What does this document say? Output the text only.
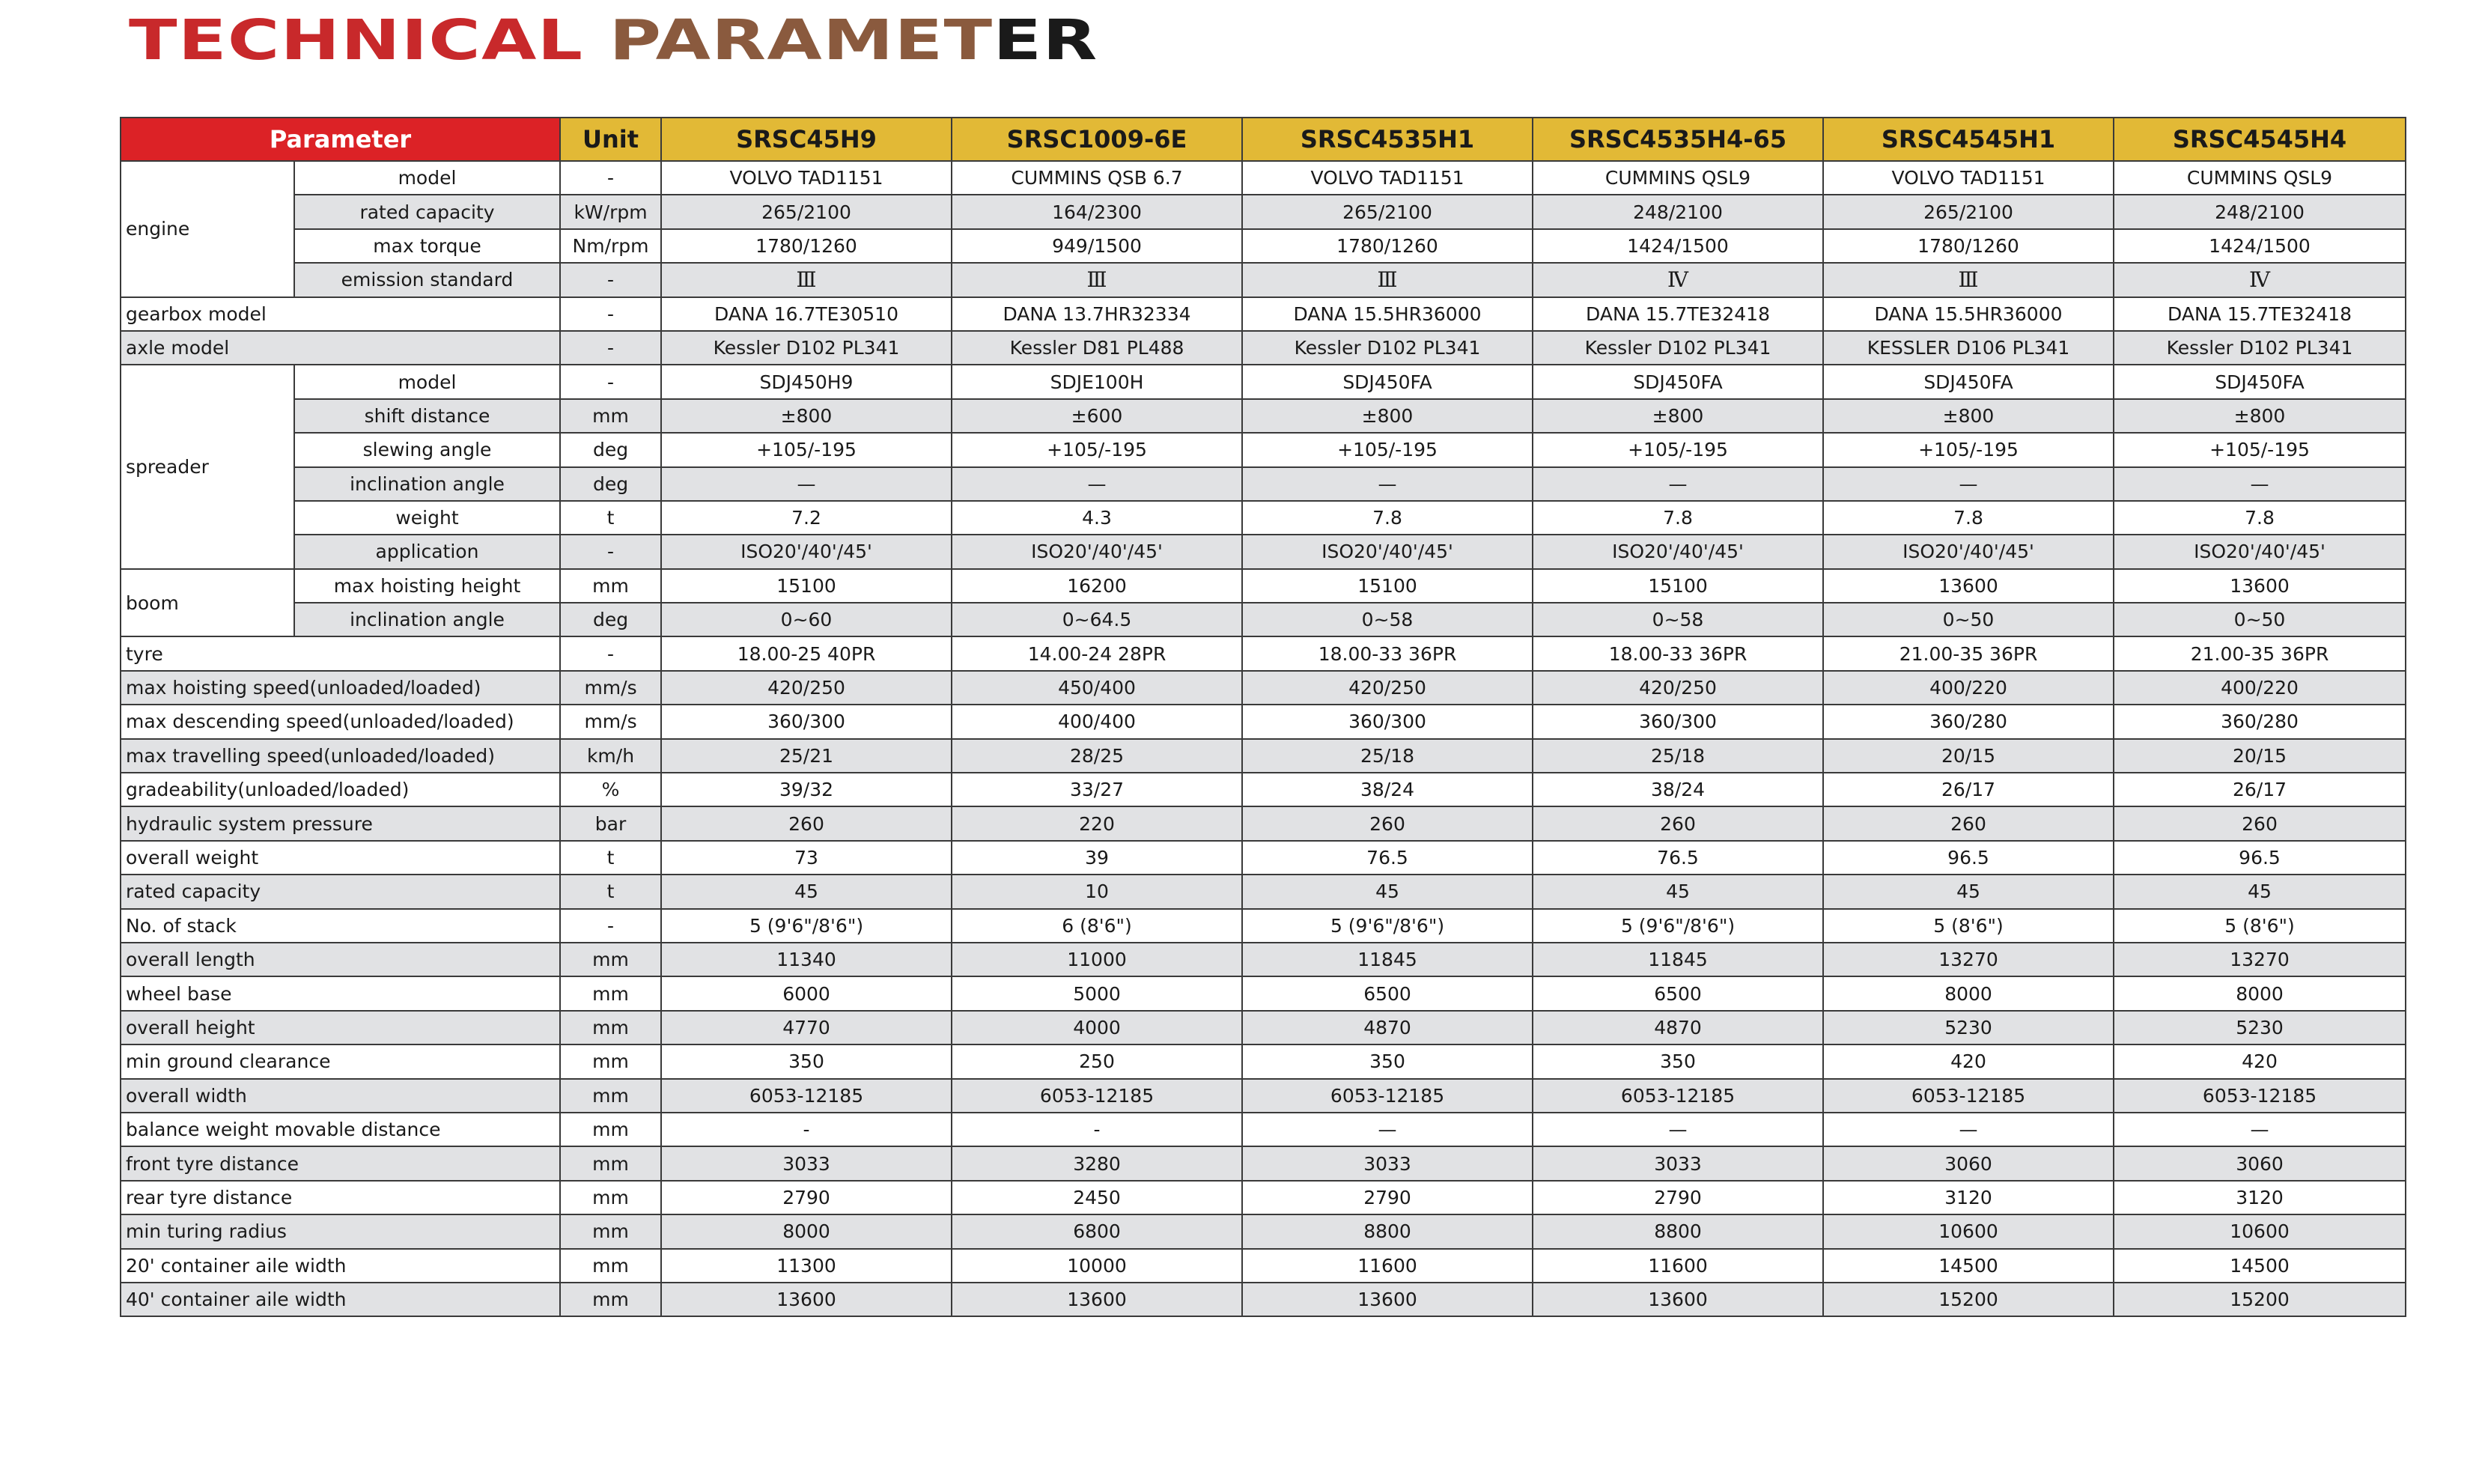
TECHNICAL PARAMETER
Parameter		Unit	SRSC45H9	SRSC1009-6E	SRSC4535H1	SRSC4535H4-65	SRSC4545H1	SRSC4545H4
engine	model	-	VOLVO TAD1151	CUMMINS QSB 6.7	VOLVO TAD1151	CUMMINS QSL9	VOLVO TAD1151	CUMMINS QSL9
	rated capacity	kW/rpm	265/2100	164/2300	265/2100	248/2100	265/2100	248/2100
	max torque	Nm/rpm	1780/1260	949/1500	1780/1260	1424/1500	1780/1260	1424/1500
	emission standard	-	Ⅲ	Ⅲ	Ⅲ	Ⅳ	Ⅲ	Ⅳ
gearbox model		-	DANA 16.7TE30510	DANA 13.7HR32334	DANA 15.5HR36000	DANA 15.7TE32418	DANA 15.5HR36000	DANA 15.7TE32418
axle model		-	Kessler D102 PL341	Kessler D81 PL488	Kessler D102 PL341	Kessler D102 PL341	KESSLER D106 PL341	Kessler D102 PL341
spreader	model	-	SDJ450H9	SDJE100H	SDJ450FA	SDJ450FA	SDJ450FA	SDJ450FA
	shift distance	mm	±800	±600	±800	±800	±800	±800
	slewing angle	deg	+105/-195	+105/-195	+105/-195	+105/-195	+105/-195	+105/-195
	inclination angle	deg	—	—	—	—	—	—
	weight	t	7.2	4.3	7.8	7.8	7.8	7.8
	application	-	ISO20'/40'/45'	ISO20'/40'/45'	ISO20'/40'/45'	ISO20'/40'/45'	ISO20'/40'/45'	ISO20'/40'/45'
boom	max hoisting height	mm	15100	16200	15100	15100	13600	13600
	inclination angle	deg	0~60	0~64.5	0~58	0~58	0~50	0~50
tyre		-	18.00-25 40PR	14.00-24 28PR	18.00-33 36PR	18.00-33 36PR	21.00-35 36PR	21.00-35 36PR
max hoisting speed(unloaded/loaded)		mm/s	420/250	450/400	420/250	420/250	400/220	400/220
max descending speed(unloaded/loaded)		mm/s	360/300	400/400	360/300	360/300	360/280	360/280
max travelling speed(unloaded/loaded)		km/h	25/21	28/25	25/18	25/18	20/15	20/15
gradeability(unloaded/loaded)		%	39/32	33/27	38/24	38/24	26/17	26/17
hydraulic system pressure		bar	260	220	260	260	260	260
overall weight		t	73	39	76.5	76.5	96.5	96.5
rated capacity		t	45	10	45	45	45	45
No. of stack		-	5 (9'6"/8'6")	6 (8'6")	5 (9'6"/8'6")	5 (9'6"/8'6")	5 (8'6")	5 (8'6")
overall length		mm	11340	11000	11845	11845	13270	13270
wheel base		mm	6000	5000	6500	6500	8000	8000
overall height		mm	4770	4000	4870	4870	5230	5230
min ground clearance		mm	350	250	350	350	420	420
overall width		mm	6053-12185	6053-12185	6053-12185	6053-12185	6053-12185	6053-12185
balance weight movable distance		mm	-	-	—	—	—	—
front tyre distance		mm	3033	3280	3033	3033	3060	3060
rear tyre distance		mm	2790	2450	2790	2790	3120	3120
min turing radius		mm	8000	6800	8800	8800	10600	10600
20' container aile width		mm	11300	10000	11600	11600	14500	14500
40' container aile width		mm	13600	13600	13600	13600	15200	15200
